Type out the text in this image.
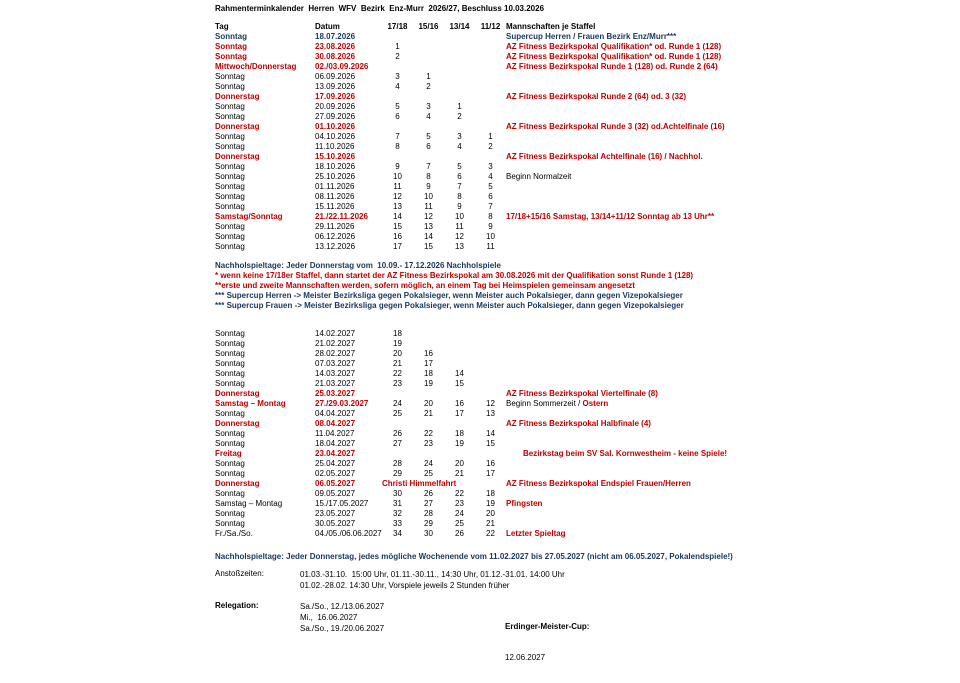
Rahmenterminkalender  Herren  WFV  Bezirk  Enz-Murr  2026/27, Beschluss 10.03.2026
Tag	Datum	17/18	15/16	13/14	11/12 Mannschaften je Staffel
Sonntag	18.07.2026	Supercup Herren / Frauen Bezirk Enz/Murr***
Sonntag	23.08.2026	1	AZ Fitness Bezirkspokal Qualifikation* od. Runde 1 (128)
Sonntag	30.08.2026	2	AZ Fitness Bezirkspokal Qualifikation* od. Runde 1 (128)
Mittwoch/Donnerstag	02./03.09.2026	AZ Fitness Bezirkspokal Runde 1 (128) od. Runde 2 (64)
Sonntag	06.09.2026	3	1
Sonntag	13.09.2026	4	2
Donnerstag	17.09.2026	AZ Fitness Bezirkspokal Runde 2 (64) od. 3 (32)
Sonntag	20.09.2026	5	3	1
Sonntag	27.09.2026	6	4	2
Donnerstag	01.10.2026	AZ Fitness Bezirkspokal Runde 3 (32) od.Achtelfinale (16)
Sonntag	04.10.2026	7	5	3	1
Sonntag	11.10.2026	8	6	4	2
Donnerstag	15.10.2026	AZ Fitness Bezirkspokal Achtelfinale (16) / Nachhol.
Sonntag	18.10.2026	9	7	5	3
Sonntag	25.10.2026	10	8	6	4	Beginn Normalzeit
Sonntag	01.11.2026	11	9	7	5
Sonntag	08.11.2026	12	10	8	6
Sonntag	15.11.2026	13	11	9	7
Samstag/Sonntag	21./22.11.2026	14	12	10	8	17/18+15/16 Samstag, 13/14+11/12 Sonntag ab 13 Uhr**
Sonntag	29.11.2026	15	13	11	9
Sonntag	06.12.2026	16	14	12	10
Sonntag	13.12.2026	17	15	13	11
Nachholspieltage: Jeder Donnerstag vom  10.09.- 17.12.2026 Nachholspiele
* wenn keine 17/18er Staffel, dann startet der AZ Fitness Bezirkspokal am 30.08.2026 mit der Qualifikation sonst Runde 1 (128)
**erste und zweite Mannschaften werden, sofern möglich, an einem Tag bei Heimspielen gemeinsam angesetzt
*** Supercup Herren -> Meister Bezirksliga gegen Pokalsieger, wenn Meister auch Pokalsieger, dann gegen Vizepokalsieger
*** Supercup Frauen -> Meister Bezirksliga gegen Pokalsieger, wenn Meister auch Pokalsieger, dann gegen Vizepokalsieger
Sonntag	14.02.2027	18
Sonntag	21.02.2027	19
Sonntag	28.02.2027	20	16
Sonntag	07.03.2027	21	17
Sonntag	14.03.2027	22	18	14
Sonntag	21.03.2027	23	19	15
Donnerstag	25.03.2027	AZ Fitness Bezirkspokal Viertelfinale (8)
Samstag – Montag	27./29.03.2027	24	20	16	12	Beginn Sommerzeit / Ostern
Sonntag	04.04.2027	25	21	17	13
Donnerstag	08.04.2027	AZ Fitness Bezirkspokal Halbfinale (4)
Sonntag	11.04.2027	26	22	18	14
Sonntag	18.04.2027	27	23	19	15
Freitag	23.04.2027	Bezirkstag beim SV Sal. Kornwestheim - keine Spiele!
Sonntag	25.04.2027	28	24	20	16
Sonntag	02.05.2027	29	25	21	17
Donnerstag	06.05.2027	Christi Himmelfahrt	AZ Fitness Bezirkspokal Endspiel Frauen/Herren
Sonntag	09.05.2027	30	26	22	18
Samstag – Montag	15./17.05.2027	31	27	23	19	Pfingsten
Sonntag	23.05.2027	32	28	24	20
Sonntag	30.05.2027	33	29	25	21
Fr./Sa./So.	04./05./06.06.2027	34	30	26	22	Letzter Spieltag
Nachholspieltage: Jeder Donnerstag, jedes mögliche Wochenende vom 11.02.2027 bis 27.05.2027 (nicht am 06.05.2027, Pokalendspiele!)
Anstoßzeiten:	01.03.-31.10.  15:00 Uhr, 01.11.-30.11., 14:30 Uhr, 01.12.-31.01. 14:00 Uhr
01.02.-28.02. 14:30 Uhr, Vorspiele jeweils 2 Stunden früher
Relegation:	Sa./So., 12./13.06.2027
Mi.,  16.06.2027
Sa./So., 19./20.06.2027

	Erdinger-Meister-Cup:

12.06.2027
